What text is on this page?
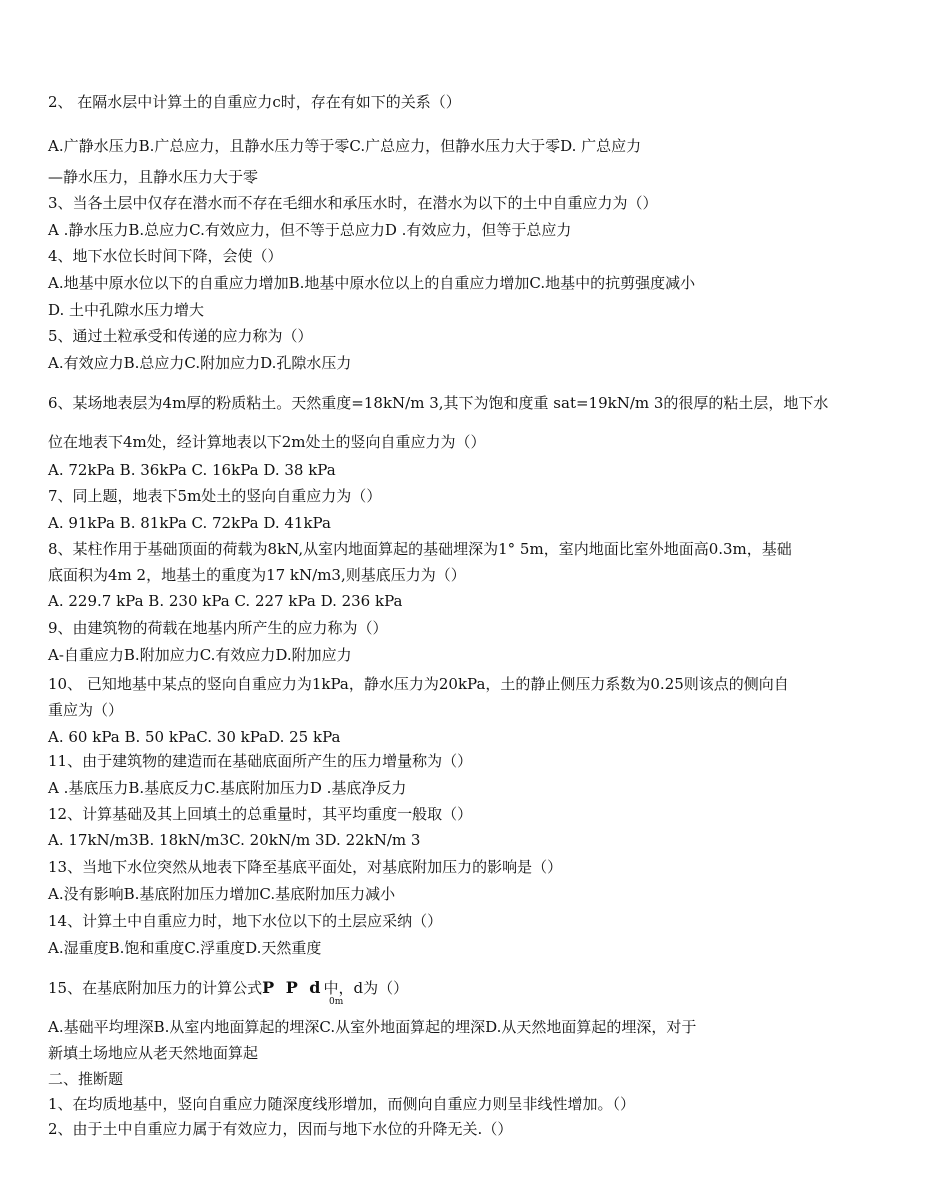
2、 在隔水层中计算土的自重应力c时，存在有如下的关系（）
A.广静水压力B.广总应力，且静水压力等于零C.广总应力，但静水压力大于零D. 广总应力
—静水压力，且静水压力大于零
3、当各土层中仅存在潜水而不存在毛细水和承压水时，在潜水为以下的土中自重应力为（）
A .静水压力B.总应力C.有效应力，但不等于总应力D .有效应力，但等于总应力
4、地下水位长时间下降，会使（）
A.地基中原水位以下的自重应力增加B.地基中原水位以上的自重应力增加C.地基中的抗剪强度减小
D. 土中孔隙水压力增大
5、通过土粒承受和传递的应力称为（）
A.有效应力B.总应力C.附加应力D.孔隙水压力
6、某场地表层为4m厚的粉质粘土。天然重度=18kN/m 3,其下为饱和度重 sat=19kN/m 3的很厚的粘土层，地下水
位在地表下4m处，经计算地表以下2m处土的竖向自重应力为（）
A. 72kPa B. 36kPa C. 16kPa D. 38 kPa
7、同上题，地表下5m处土的竖向自重应力为（）
A. 91kPa B. 81kPa C. 72kPa D. 41kPa
8、某柱作用于基础顶面的荷载为8kN,从室内地面算起的基础埋深为1° 5m，室内地面比室外地面高0.3m，基础
底面积为4m 2，地基土的重度为17 kN/m3,则基底压力为（）
A. 229.7 kPa B. 230 kPa C. 227 kPa D. 236 kPa
9、由建筑物的荷载在地基内所产生的应力称为（）
A-自重应力B.附加应力C.有效应力D.附加应力
10、 已知地基中某点的竖向自重应力为1kPa，静水压力为20kPa，土的静止侧压力系数为0.25则该点的侧向自
重应为（）
A. 60 kPa B. 50 kPaC. 30 kPaD. 25 kPa
11、由于建筑物的建造而在基础底面所产生的压力增量称为（）
A .基底压力B.基底反力C.基底附加压力D .基底净反力
12、计算基础及其上回填土的总重量时，其平均重度一般取（）
A. 17kN/m3B. 18kN/m3C. 20kN/m 3D. 22kN/m 3
13、当地下水位突然从地表下降至基底平面处，对基底附加压力的影响是（）
A.没有影响B.基底附加压力增加C.基底附加压力减小
14、计算土中自重应力时，地下水位以下的土层应采纳（）
A.湿重度B.饱和重度C.浮重度D.天然重度
15、在基底附加压力的计算公式P P d中，d为（）
0m
A.基础平均埋深B.从室内地面算起的埋深C.从室外地面算起的埋深D.从天然地面算起的埋深，对于
新填土场地应从老天然地面算起
二、推断题
1、在均质地基中，竖向自重应力随深度线形增加，而侧向自重应力则呈非线性增加。（）
2、由于土中自重应力属于有效应力，因而与地下水位的升降无关.（）
